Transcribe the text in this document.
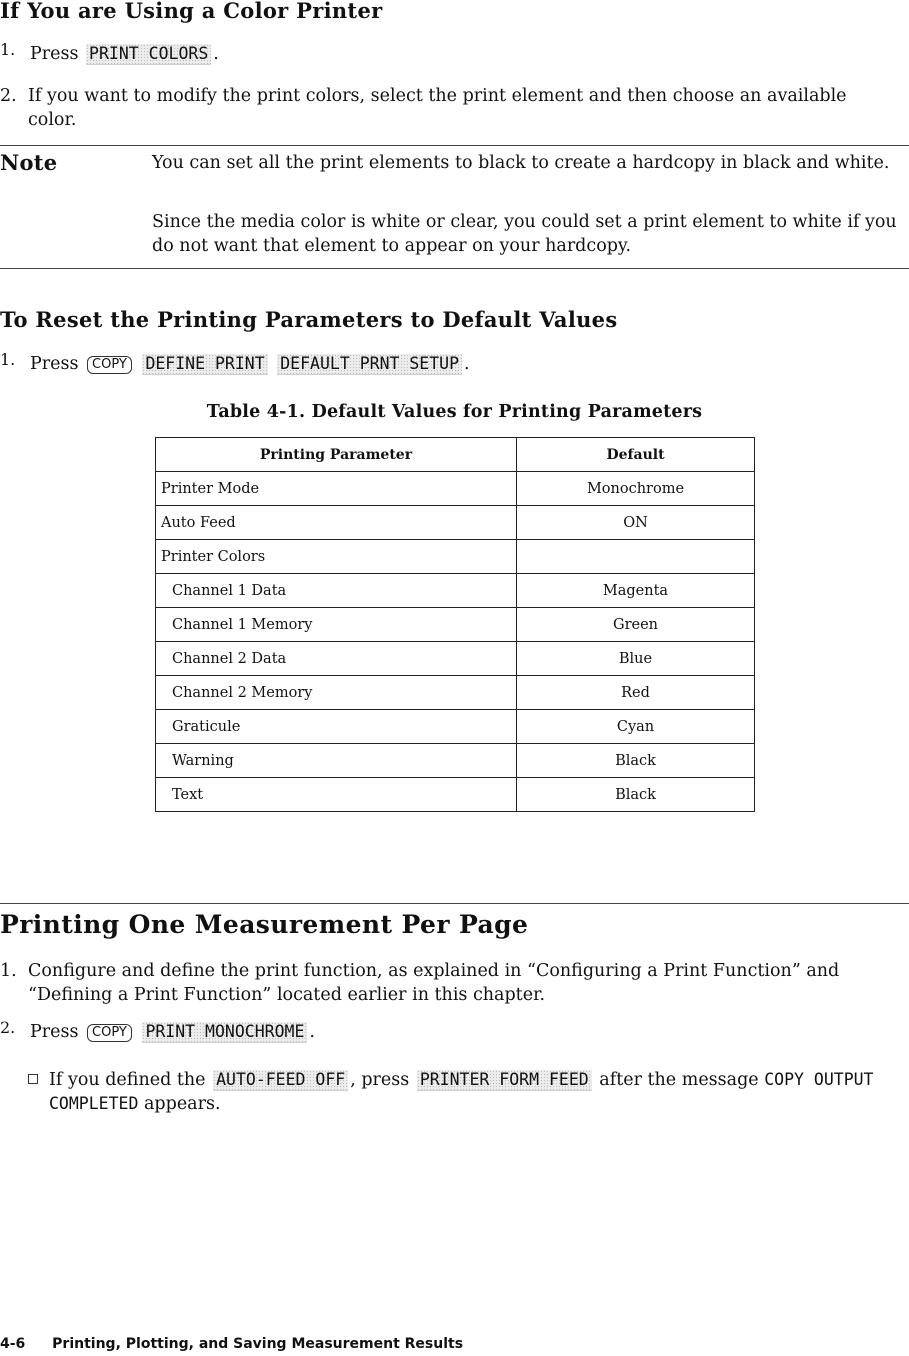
If You are Using a Color Printer
1. Press PRINT COLORS .
2. If you want to modify the print colors, select the print element and then choose an available color.
Note	You can set all the print elements to black to create a hardcopy in black and white.
Since the media color is white or clear, you could set a print element to white if you do not want that element to appear on your hardcopy.
To Reset the Printing Parameters to Default Values
1. Press COPY DEFINE PRINT DEFAULT PRNT SETUP .
Table 4-1. Default Values for Printing Parameters
Printing Parameter	Default
Printer Mode	Monochrome
Auto Feed	ON
Printer Colors	
Channel 1 Data	Magenta
Channel 1 Memory	Green
Channel 2 Data	Blue
Channel 2 Memory	Red
Graticule	Cyan
Warning	Black
Text	Black
Printing One Measurement Per Page
1. Configure and define the print function, as explained in “Configuring a Print Function” and “Defining a Print Function” located earlier in this chapter.
2. Press COPY PRINT MONOCHROME .
If you defined the AUTO-FEED OFF , press PRINTER FORM FEED after the message COPY OUTPUT COMPLETED appears.
4-6 Printing, Plotting, and Saving Measurement Results
